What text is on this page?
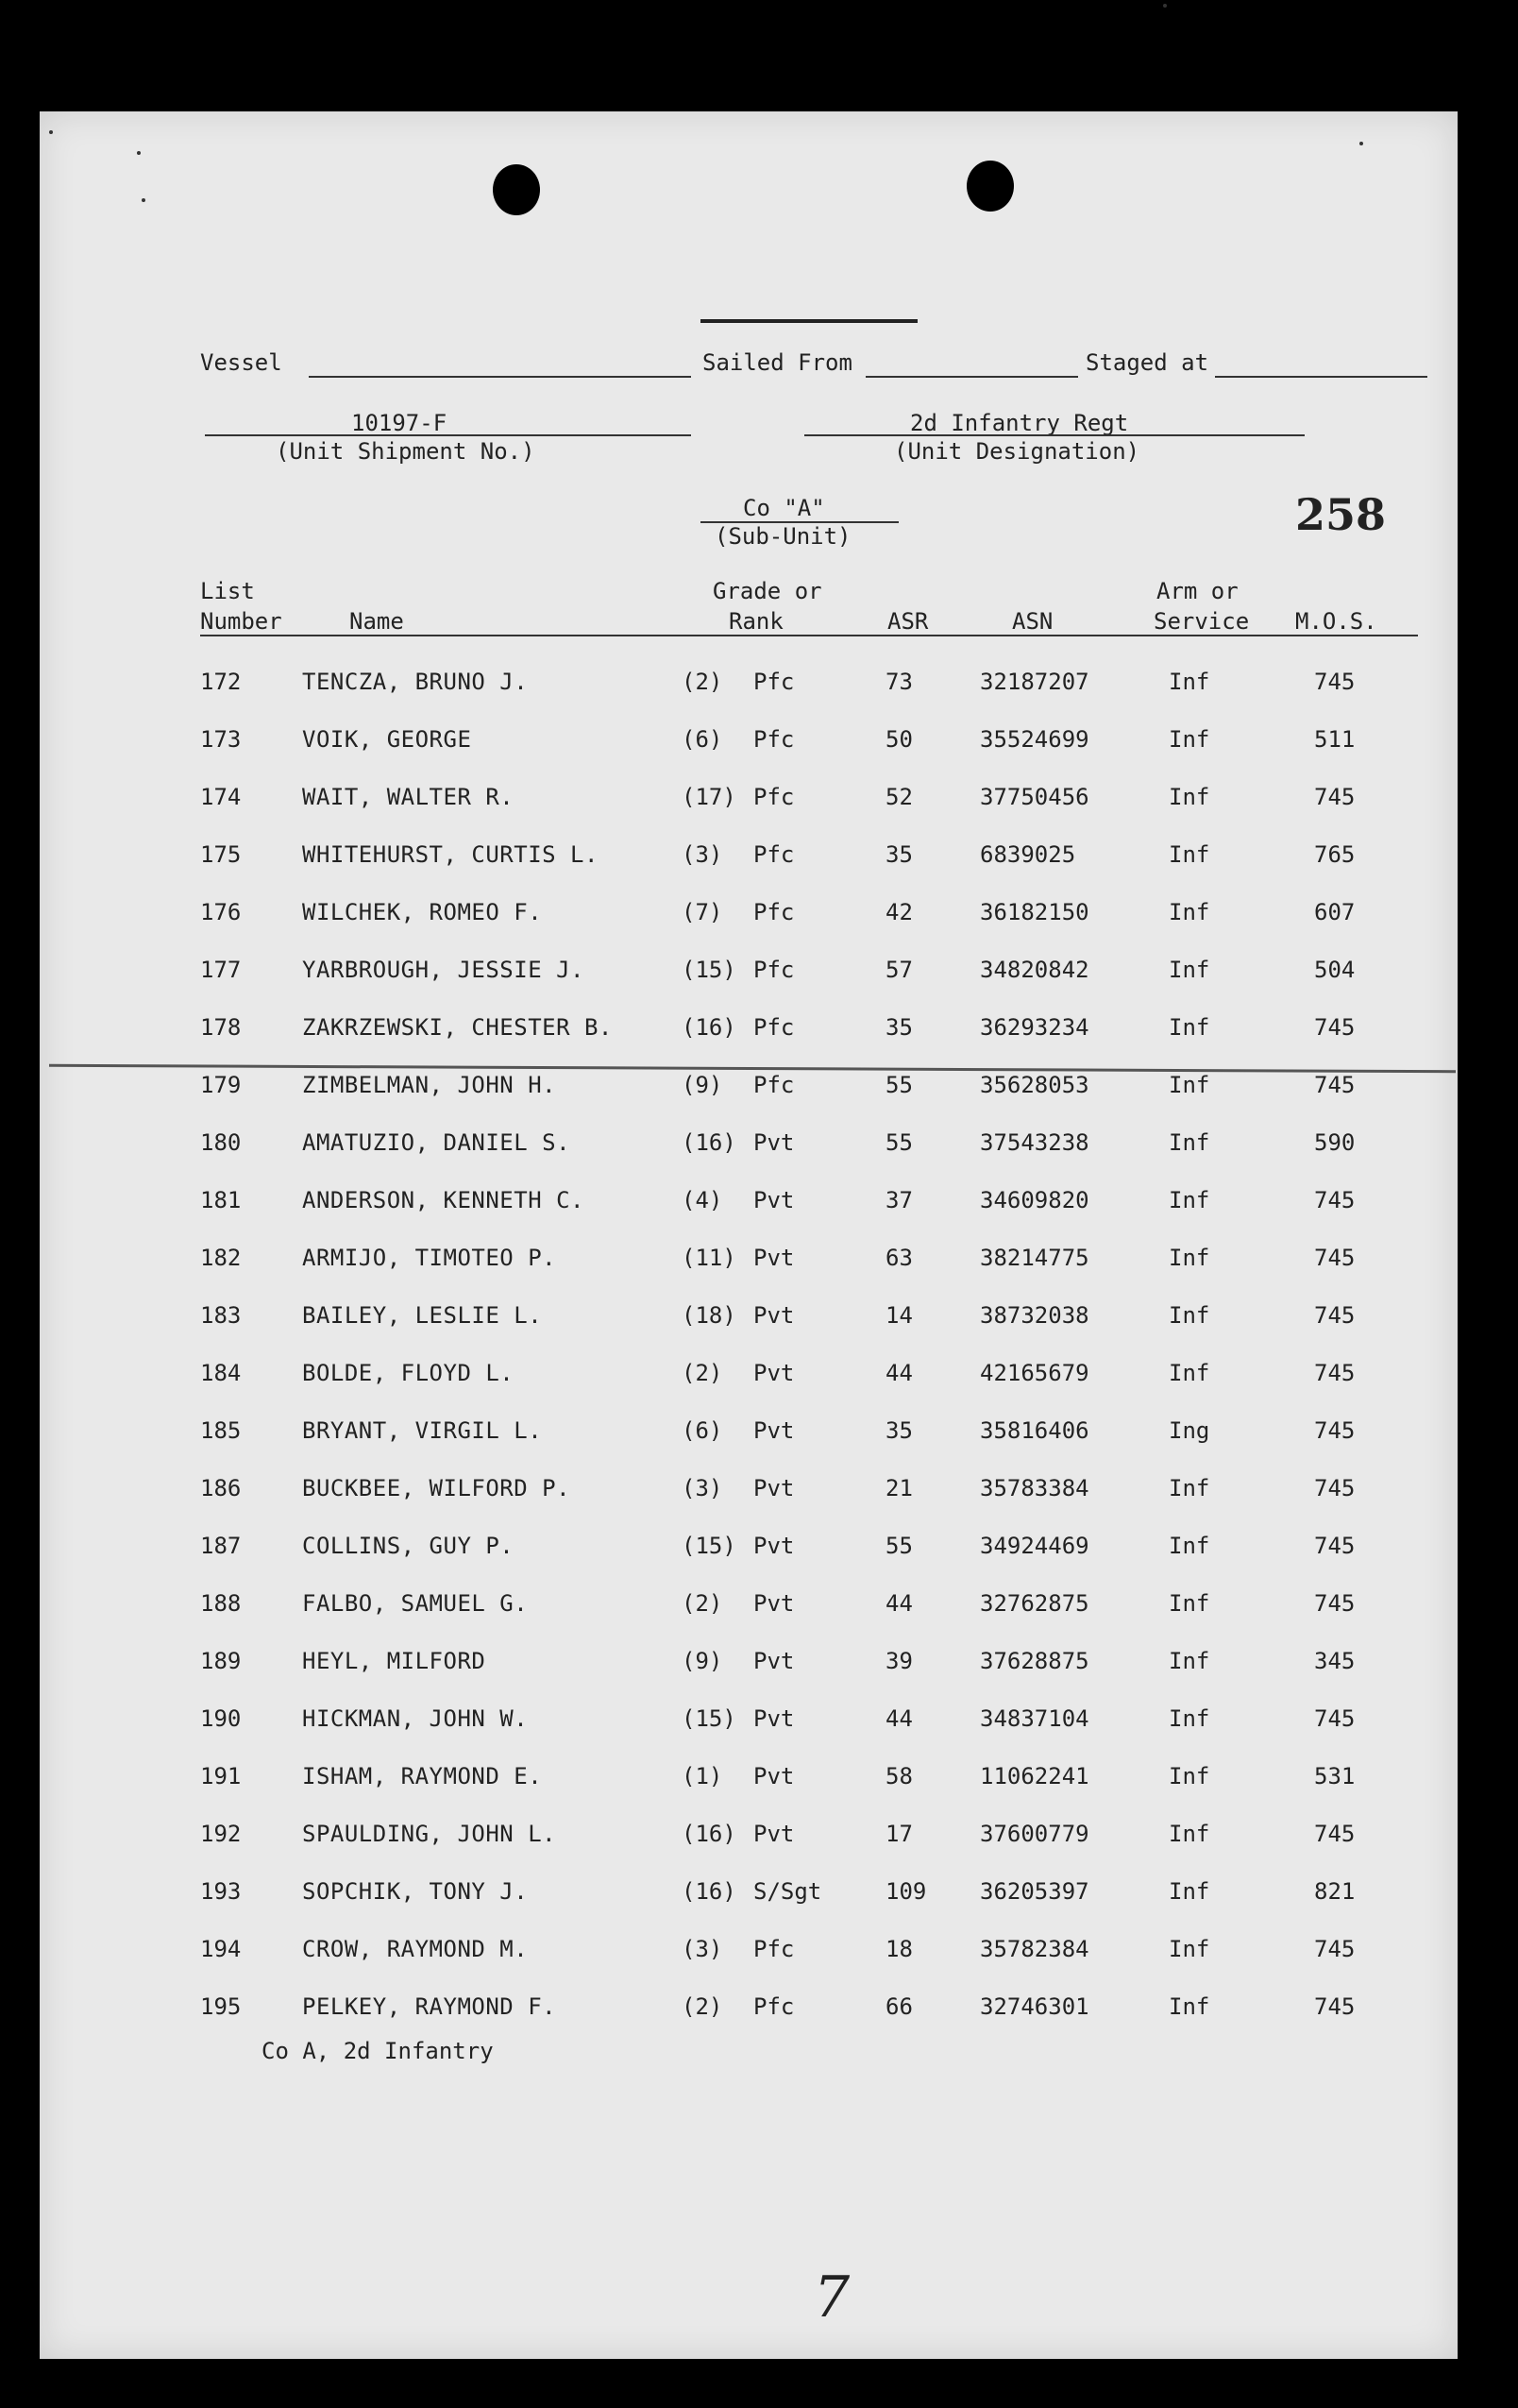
Vessel	Sailed From	Staged at
10197-F
(Unit Shipment No.)
2d Infantry Regt
(Unit Designation)
Co "A"
(Sub-Unit)	258
List
Number	Name
Grade or
Rank	ASR	ASN
Arm or
Service M.O.S.
172	TENCZA, BRUNO J.	(2) Pfc	73	32187207	Inf	745
173	VOIK, GEORGE	(6) Pfc	50	35524699	Inf	511
174	WAIT, WALTER R.	(17) Pfc	52	37750456	Inf	745
175	WHITEHURST, CURTIS L.	(3) Pfc	35	6839025	Inf	765
176	WILCHEK, ROMEO F.	(7) Pfc	42	36182150	Inf	607
177	YARBROUGH, JESSIE J.	(15) Pfc	57	34820842	Inf	504
178	ZAKRZEWSKI, CHESTER B.	(16) Pfc	35	36293234	Inf	745
179	ZIMBELMAN, JOHN H.	(9) Pfc	55	35628053	Inf	745
180	AMATUZIO, DANIEL S.	(16) Pvt	55	37543238	Inf	590
181	ANDERSON, KENNETH C.	(4) Pvt	37	34609820	Inf	745
182	ARMIJO, TIMOTEO P.	(11) Pvt	63	38214775	Inf	745
183	BAILEY, LESLIE L.	(18) Pvt	14	38732038	Inf	745
184	BOLDE, FLOYD L.	(2) Pvt	44	42165679	Inf	745
185	BRYANT, VIRGIL L.	(6) Pvt	35	35816406	Ing	745
186	BUCKBEE, WILFORD P.	(3) Pvt	21	35783384	Inf	745
187	COLLINS, GUY P.	(15) Pvt	55	34924469	Inf	745
188	FALBO, SAMUEL G.	(2) Pvt	44	32762875	Inf	745
189	HEYL, MILFORD	(9) Pvt	39	37628875	Inf	345
190	HICKMAN, JOHN W.	(15) Pvt	44	34837104	Inf	745
191	ISHAM, RAYMOND E.	(1) Pvt	58	11062241	Inf	531
192	SPAULDING, JOHN L.	(16) Pvt	17	37600779	Inf	745
193	SOPCHIK, TONY J.	(16) S/Sgt	109 36205397	Inf	821
194	CROW, RAYMOND M.	(3) Pfc	18	35782384	Inf	745
195	PELKEY, RAYMOND F.	(2) Pfc	66	32746301	Inf	745
Co A, 2d Infantry
7
